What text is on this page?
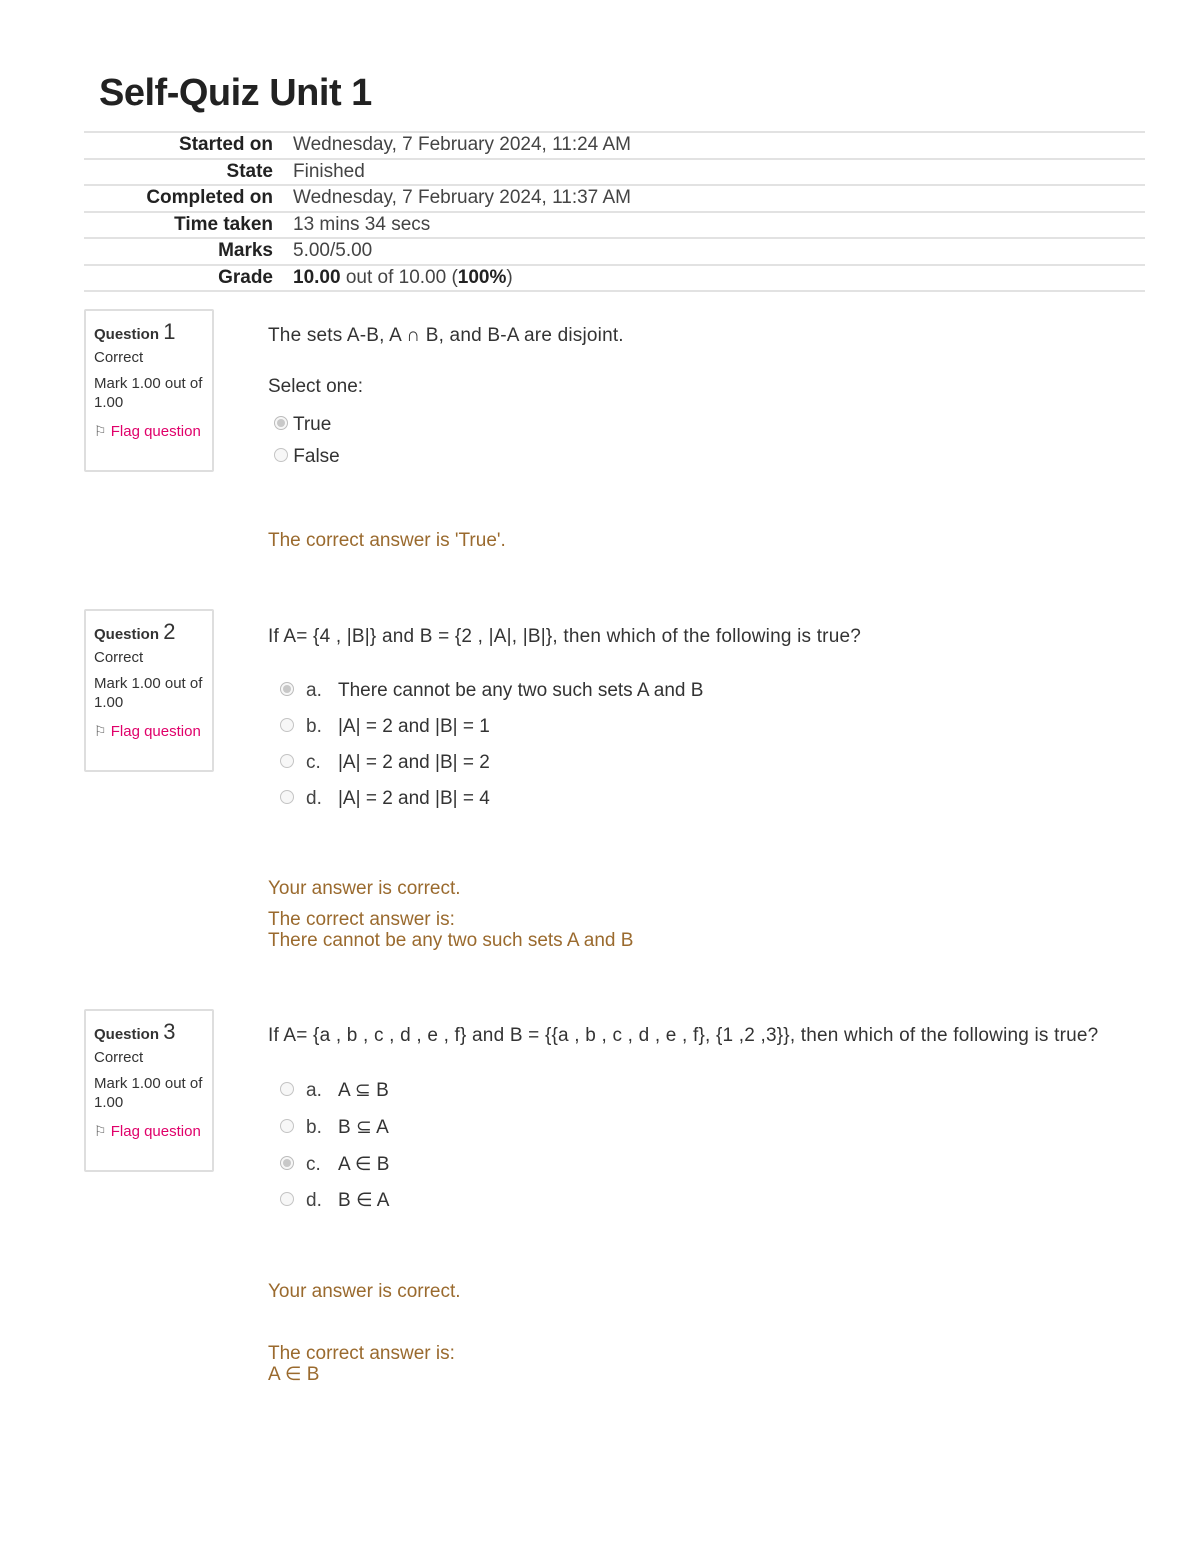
Self-Quiz Unit 1
Started on	Wednesday, 7 February 2024, 11:24 AM
State	Finished
Completed on	Wednesday, 7 February 2024, 11:37 AM
Time taken	13 mins 34 secs
Marks	5.00/5.00
Grade	10.00 out of 10.00 (100%)
Question 1
Correct
Mark 1.00 out of 1.00
⚐ Flag question
The sets A-B, A ∩ B, and B-A are disjoint.
Select one:
True
False
The correct answer is 'True'.
Question 2
Correct
Mark 1.00 out of 1.00
⚐ Flag question
If A= {4 , |B|} and B = {2 , |A|, |B|}, then which of the following is true?
a. There cannot be any two such sets A and B
b. |A| = 2 and |B| = 1
c. |A| = 2 and |B| = 2
d. |A| = 2 and |B| = 4
Your answer is correct.
The correct answer is:
There cannot be any two such sets A and B
Question 3
Correct
Mark 1.00 out of 1.00
⚐ Flag question
If A= {a , b , c , d , e , f} and B = {{a , b , c , d , e , f}, {1 ,2 ,3}}, then which of the following is true?
a. A ⊆ B
b. B ⊆ A
c. A ∈ B
d. B ∈ A
Your answer is correct.
The correct answer is:
A ∈ B
